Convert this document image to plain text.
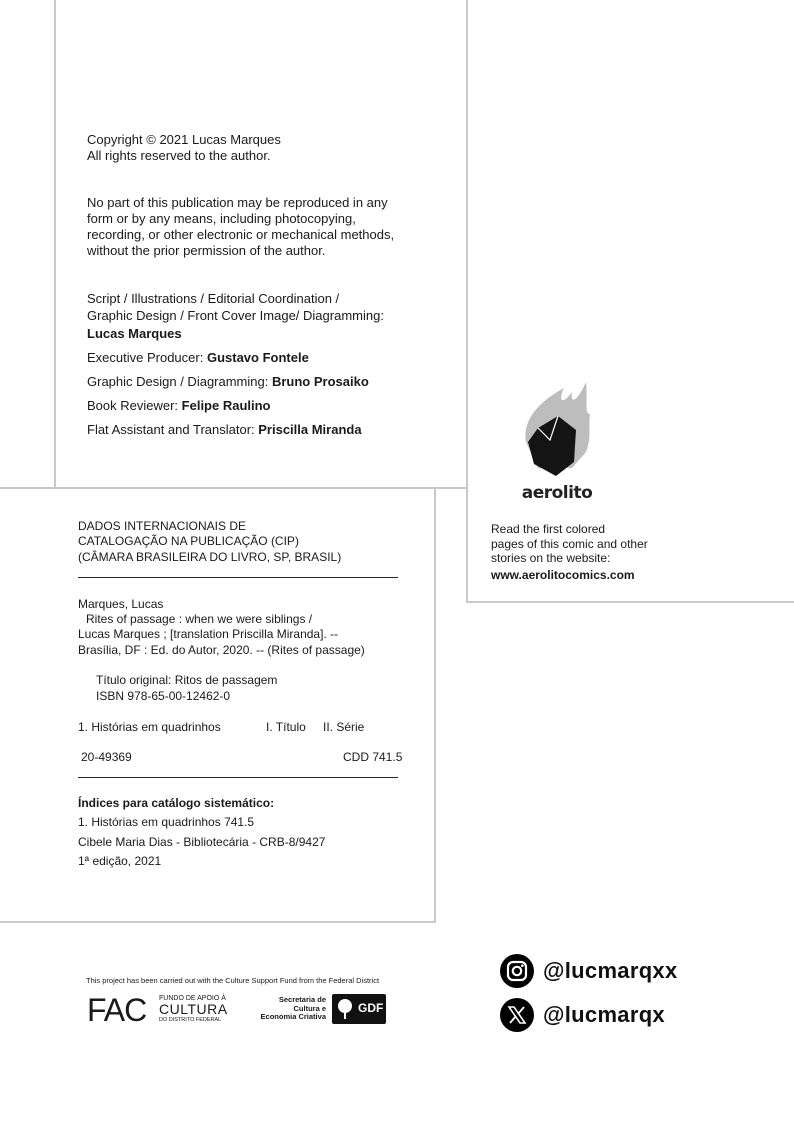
Copyright © 2021 Lucas Marques

All rights reserved to the author.

No part of this publication may be reproduced in any

form or by any means, including photocopying,

recording, or other electronic or mechanical methods,

without the prior permission of the author.

Script / Illustrations / Editorial Coordination /

Graphic Design / Front Cover Image/ Diagramming:

Lucas Marques

Executive Producer: Gustavo Fontele

Graphic Design / Diagramming: Bruno Prosaiko

Book Reviewer: Felipe Raulino

Flat Assistant and Translator: Priscilla Miranda

DADOS INTERNACIONAIS DE

CATALOGAÇÃO NA PUBLICAÇÃO (CIP)

(CÂMARA BRASILEIRA DO LIVRO, SP, BRASIL)

Marques, Lucas

Rites of passage : when we were siblings /

Lucas Marques ; [translation Priscilla Miranda]. --

Brasília, DF : Ed. do Autor, 2020. -- (Rites of passage)

Título original: Ritos de passagem

ISBN 978-65-00-12462-0

1. Histórias em quadrinhos	I. Título II. Série

20-49369	CDD 741.5

Índices para catálogo sistemático:

1. Histórias em quadrinhos 741.5

Cibele Maria Dias - Bibliotecária - CRB-8/9427

1ª edição, 2021

aerolito

Read the first colored

pages of this comic and other

stories on the website:

www.aerolitocomics.com

This project has been carried out with the Culture Support Fund from the Federal District

FAC FUNDO DE APOIO À
CULTURA
DO DISTRITO FEDERAL
Secretaria de
Cultura e
Economia Criativa
GDF
@lucmarqxx
@lucmarqx
